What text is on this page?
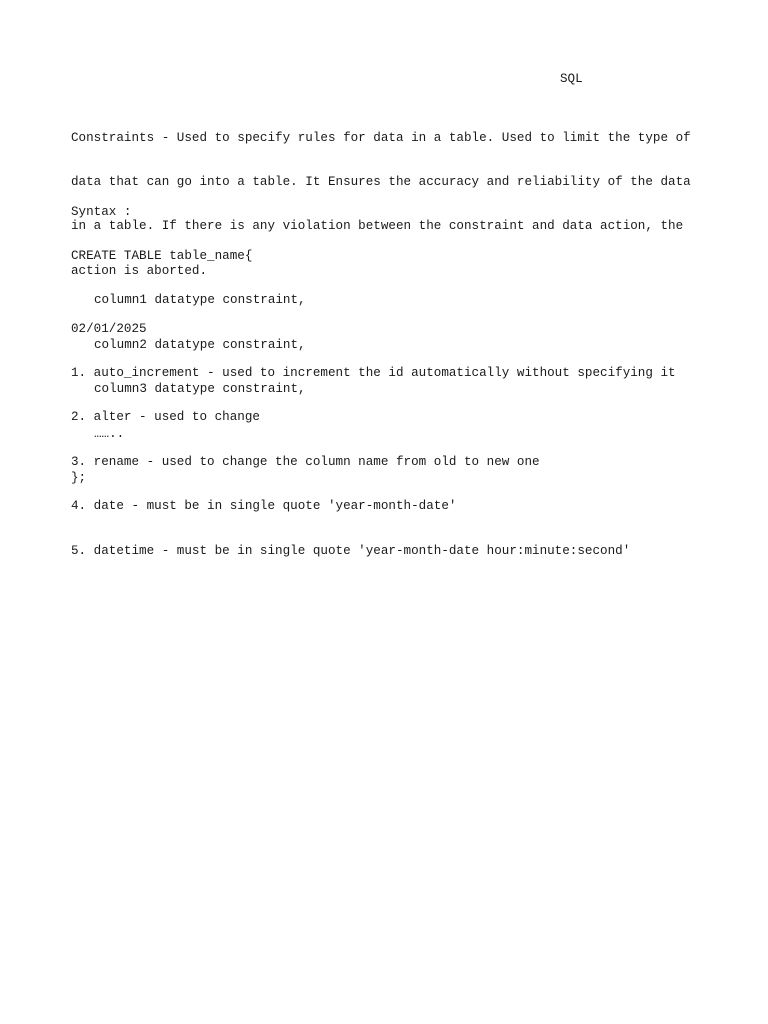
SQL

Constraints - Used to specify rules for data in a table. Used to limit the type of

data that can go into a table. It Ensures the accuracy and reliability of the data

in a table. If there is any violation between the constraint and data action, the

action is aborted.

Syntax :

CREATE TABLE table_name{

column1 datatype constraint,

column2 datatype constraint,

column3 datatype constraint,

……..

};

02/01/2025

1. auto_increment - used to increment the id automatically without specifying it

2. alter - used to change

3. rename - used to change the column name from old to new one

4. date - must be in single quote 'year-month-date'

5. datetime - must be in single quote 'year-month-date hour:minute:second'
